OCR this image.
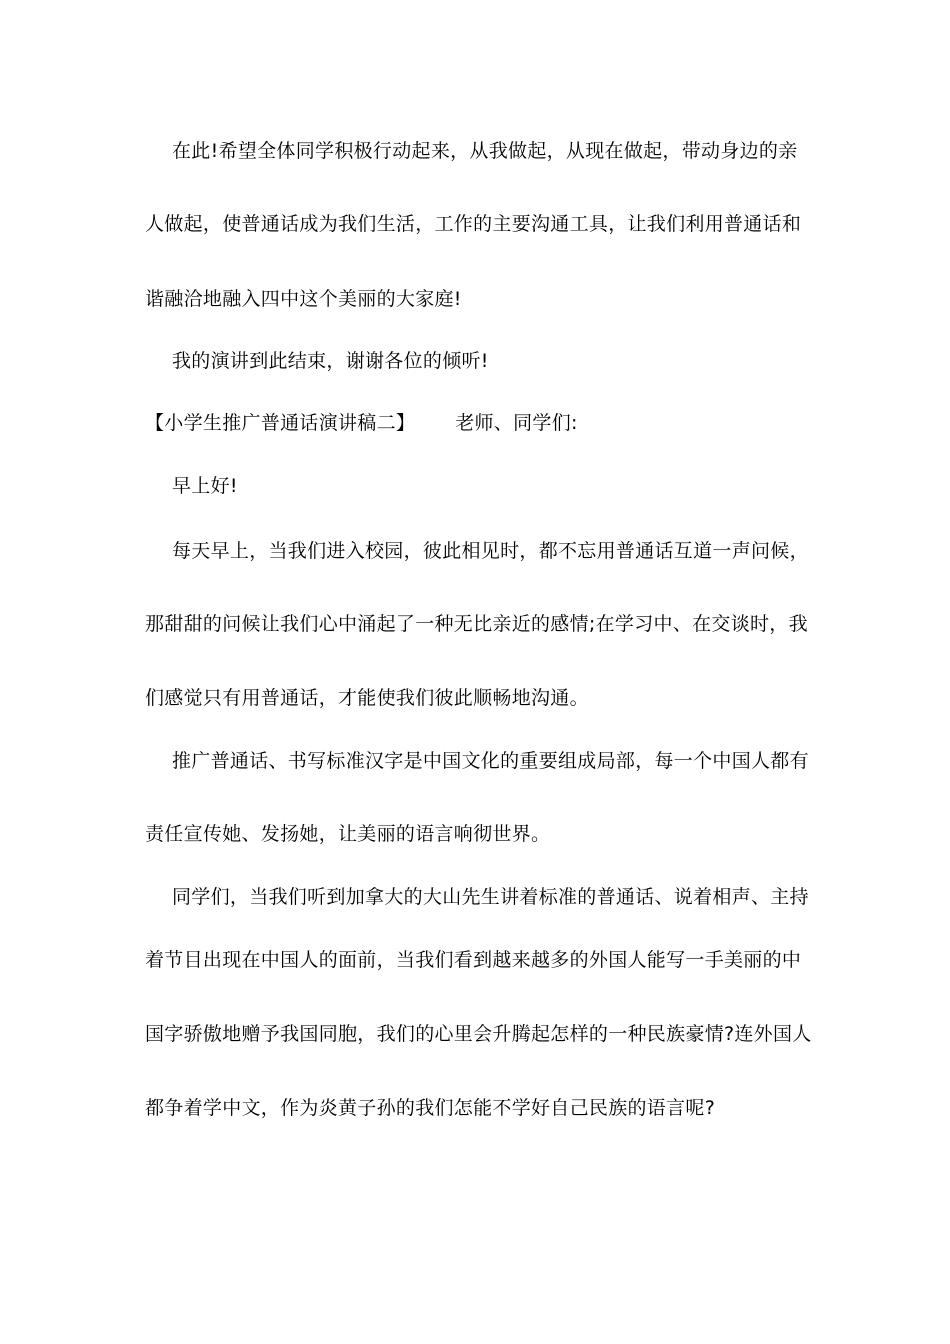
在此!希望全体同学积极行动起来，从我做起，从现在做起，带动身边的亲
人做起，使普通话成为我们生活，工作的主要沟通工具，让我们利用普通话和
谐融洽地融入四中这个美丽的大家庭!
我的演讲到此结束，谢谢各位的倾听!
【小学生推广普通话演讲稿二】 老师、同学们:
早上好!
每天早上，当我们进入校园，彼此相见时，都不忘用普通话互道一声问候，
那甜甜的问候让我们心中涌起了一种无比亲近的感情;在学习中、在交谈时，我
们感觉只有用普通话，才能使我们彼此顺畅地沟通。
推广普通话、书写标准汉字是中国文化的重要组成局部，每一个中国人都有
责任宣传她、发扬她，让美丽的语言响彻世界。
同学们，当我们听到加拿大的大山先生讲着标准的普通话、说着相声、主持
着节目出现在中国人的面前，当我们看到越来越多的外国人能写一手美丽的中
国字骄傲地赠予我国同胞，我们的心里会升腾起怎样的一种民族豪情?连外国人
都争着学中文，作为炎黄子孙的我们怎能不学好自己民族的语言呢?
